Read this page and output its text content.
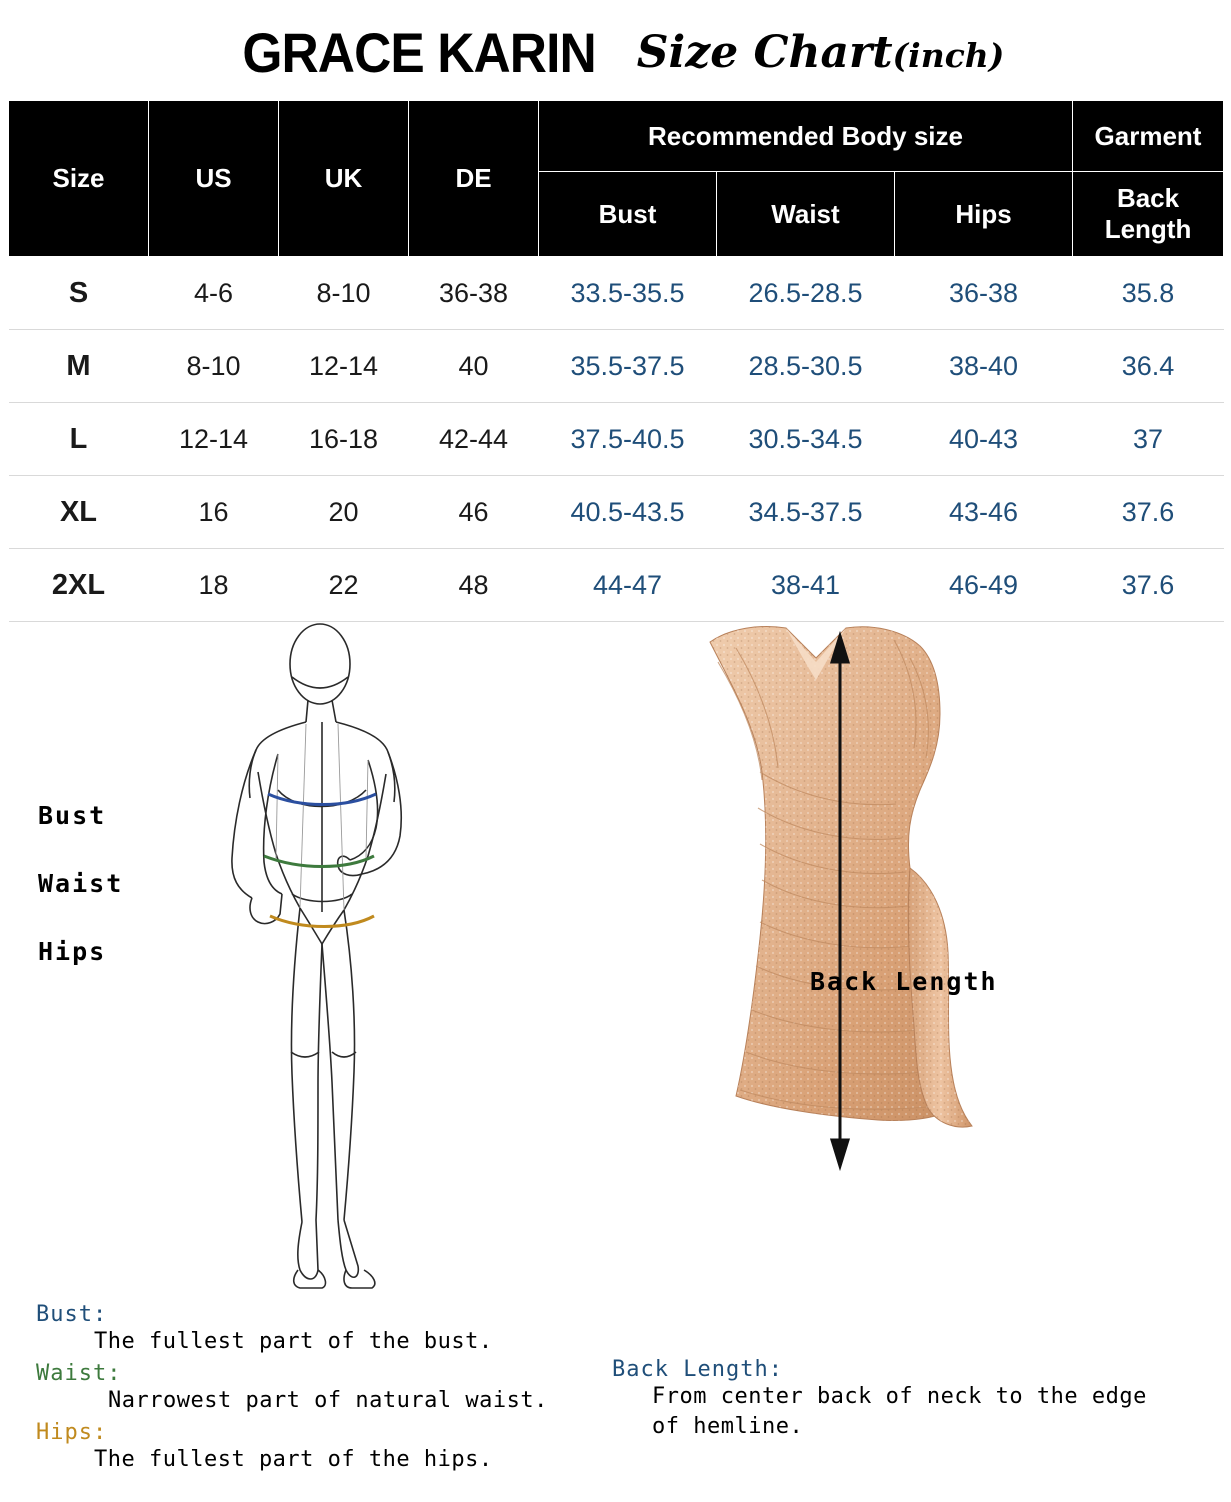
GRACE KARIN Size Chart(inch)
Size	US	UK	DE	Recommended Body size			Garment
				Bust	Waist	Hips	Back Length
S	4-6	8-10	36-38	33.5-35.5	26.5-28.5	36-38	35.8
M	8-10	12-14	40	35.5-37.5	28.5-30.5	38-40	36.4
L	12-14	16-18	42-44	37.5-40.5	30.5-34.5	40-43	37
XL	16	20	46	40.5-43.5	34.5-37.5	43-46	37.6
2XL	18	22	48	44-47	38-41	46-49	37.6
Bust
Waist
Hips
Back Length
Bust:
The fullest part of the bust.
Waist:
Narrowest part of natural waist.
Hips:
The fullest part of the hips.
Back Length:
From center back of neck to the edge
of hemline.
